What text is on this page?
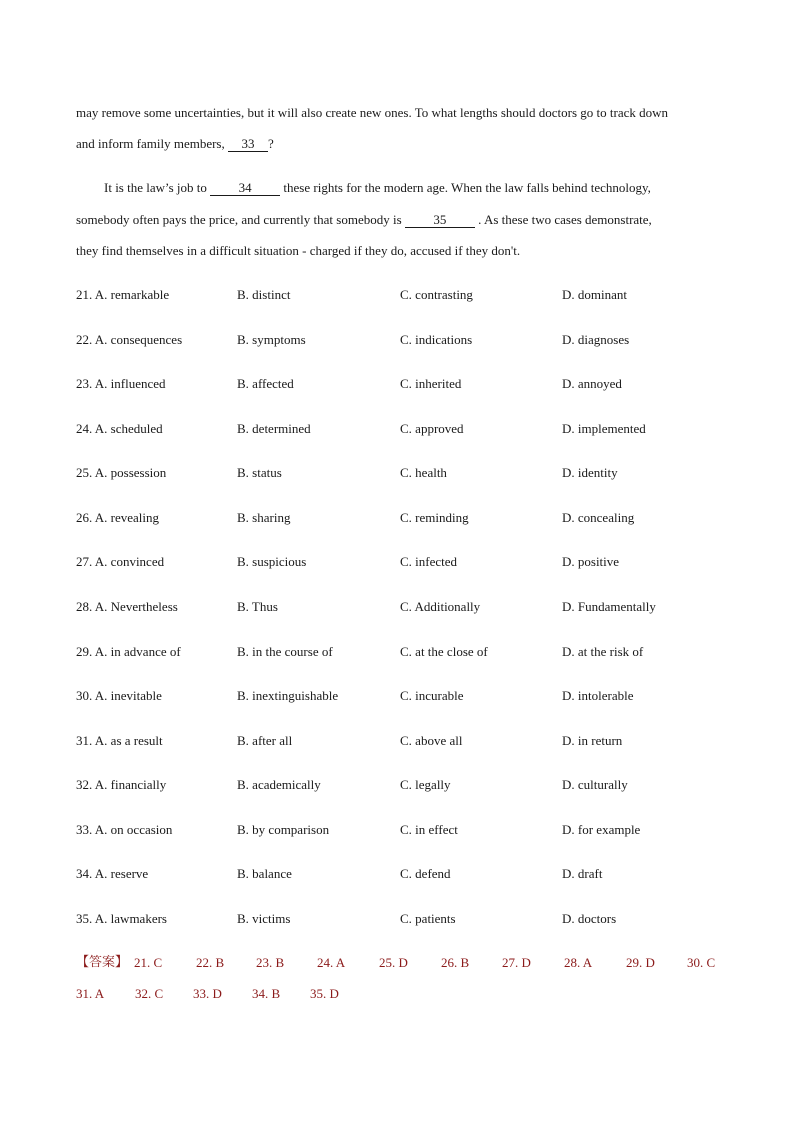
may remove some uncertainties, but it will also create new ones. To what lengths should doctors go to track down
and inform family members, 33 ?
It is the law’s job to 34 these rights for the modern age. When the law falls behind technology,
somebody often pays the price, and currently that somebody is 35 . As these two cases demonstrate,
they find themselves in a difficult situation - charged if they do, accused if they don't.
21. A. remarkable	B. distinct	C. contrasting	D. dominant
22. A. consequences	B. symptoms	C. indications	D. diagnoses
23. A. influenced	B. affected	C. inherited	D. annoyed
24. A. scheduled	B. determined	C. approved	D. implemented
25. A. possession	B. status	C. health	D. identity
26. A. revealing	B. sharing	C. reminding	D. concealing
27. A. convinced	B. suspicious	C. infected	D. positive
28. A. Nevertheless	B. Thus	C. Additionally	D. Fundamentally
29. A. in advance of	B. in the course of	C. at the close of	D. at the risk of
30. A. inevitable	B. inextinguishable	C. incurable	D. intolerable
31. A. as a result	B. after all	C. above all	D. in return
32. A. financially	B. academically	C. legally	D. culturally
33. A. on occasion	B. by comparison	C. in effect	D. for example
34. A. reserve	B. balance	C. defend	D. draft
35. A. lawmakers	B. victims	C. patients	D. doctors
【答案】 21. C	22. B 23. B	24. A	25. D	26. B	27. D	28. A	29. D 30. C
31. A 32. C 33. D 34. B 35. D
